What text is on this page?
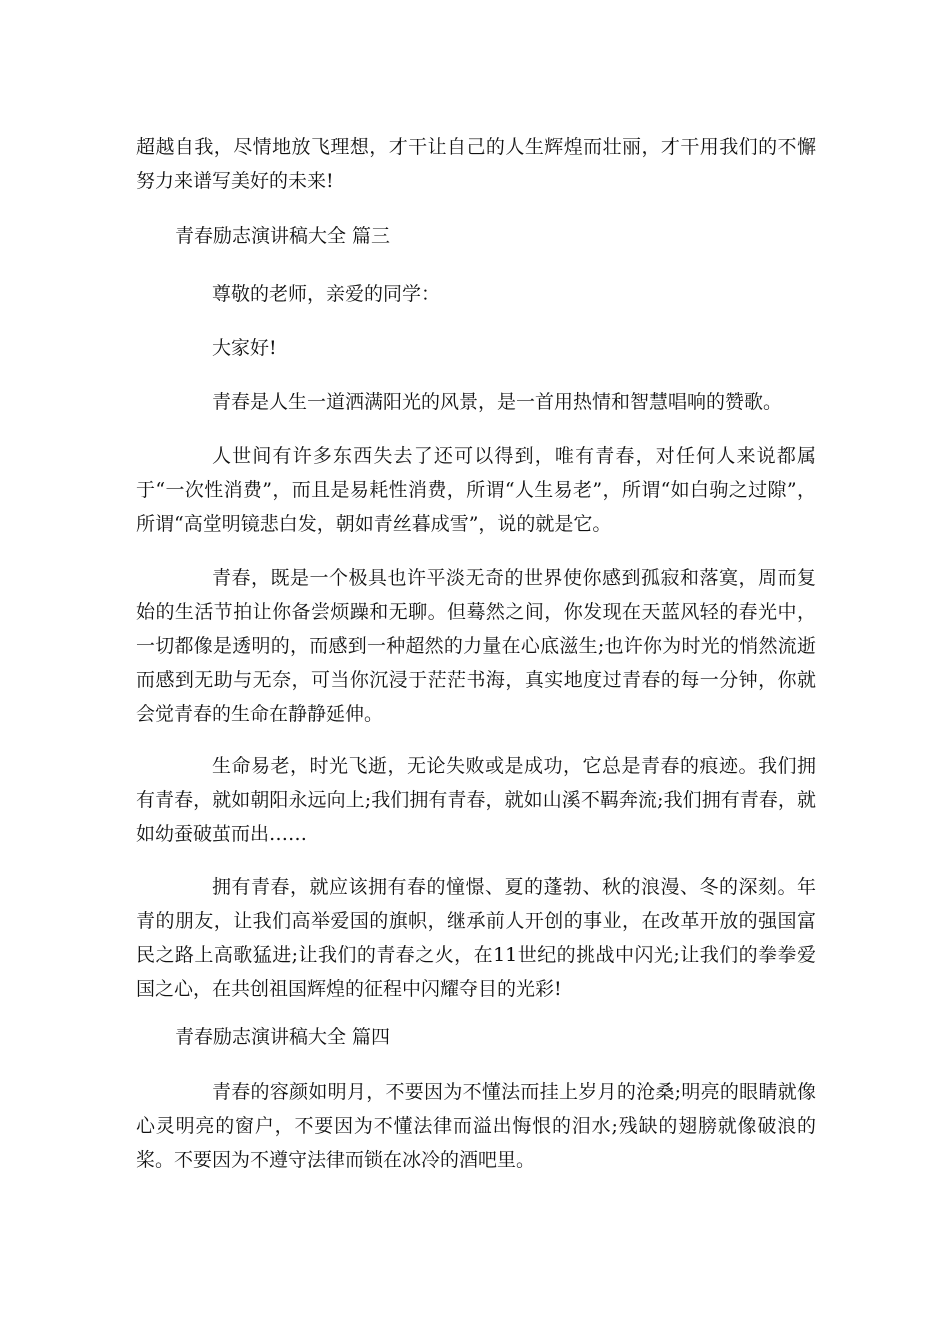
超越自我，尽情地放飞理想，才干让自己的人生辉煌而壮丽，才干用我们的不懈努力来谱写美好的未来!

青春励志演讲稿大全 篇三

尊敬的老师，亲爱的同学：

大家好!

青春是人生一道洒满阳光的风景，是一首用热情和智慧唱响的赞歌。

人世间有许多东西失去了还可以得到，唯有青春，对任何人来说都属于“一次性消费”，而且是易耗性消费，所谓“人生易老”，所谓“如白驹之过隙”，所谓“高堂明镜悲白发，朝如青丝暮成雪”，说的就是它。

青春，既是一个极具也许平淡无奇的世界使你感到孤寂和落寞，周而复始的生活节拍让你备尝烦躁和无聊。但蓦然之间，你发现在天蓝风轻的春光中，一切都像是透明的，而感到一种超然的力量在心底滋生;也许你为时光的悄然流逝而感到无助与无奈，可当你沉浸于茫茫书海，真实地度过青春的每一分钟，你就会觉青春的生命在静静延伸。

生命易老，时光飞逝，无论失败或是成功，它总是青春的痕迹。我们拥有青春，就如朝阳永远向上;我们拥有青春，就如山溪不羁奔流;我们拥有青春，就如幼蚕破茧而出……

拥有青春，就应该拥有春的憧憬、夏的蓬勃、秋的浪漫、冬的深刻。年青的朋友，让我们高举爱国的旗帜，继承前人开创的事业，在改革开放的强国富民之路上高歌猛进;让我们的青春之火，在11世纪的挑战中闪光;让我们的拳拳爱国之心，在共创祖国辉煌的征程中闪耀夺目的光彩!

青春励志演讲稿大全 篇四

青春的容颜如明月，不要因为不懂法而挂上岁月的沧桑;明亮的眼睛就像心灵明亮的窗户，不要因为不懂法律而溢出悔恨的泪水;残缺的翅膀就像破浪的桨。不要因为不遵守法律而锁在冰冷的酒吧里。
